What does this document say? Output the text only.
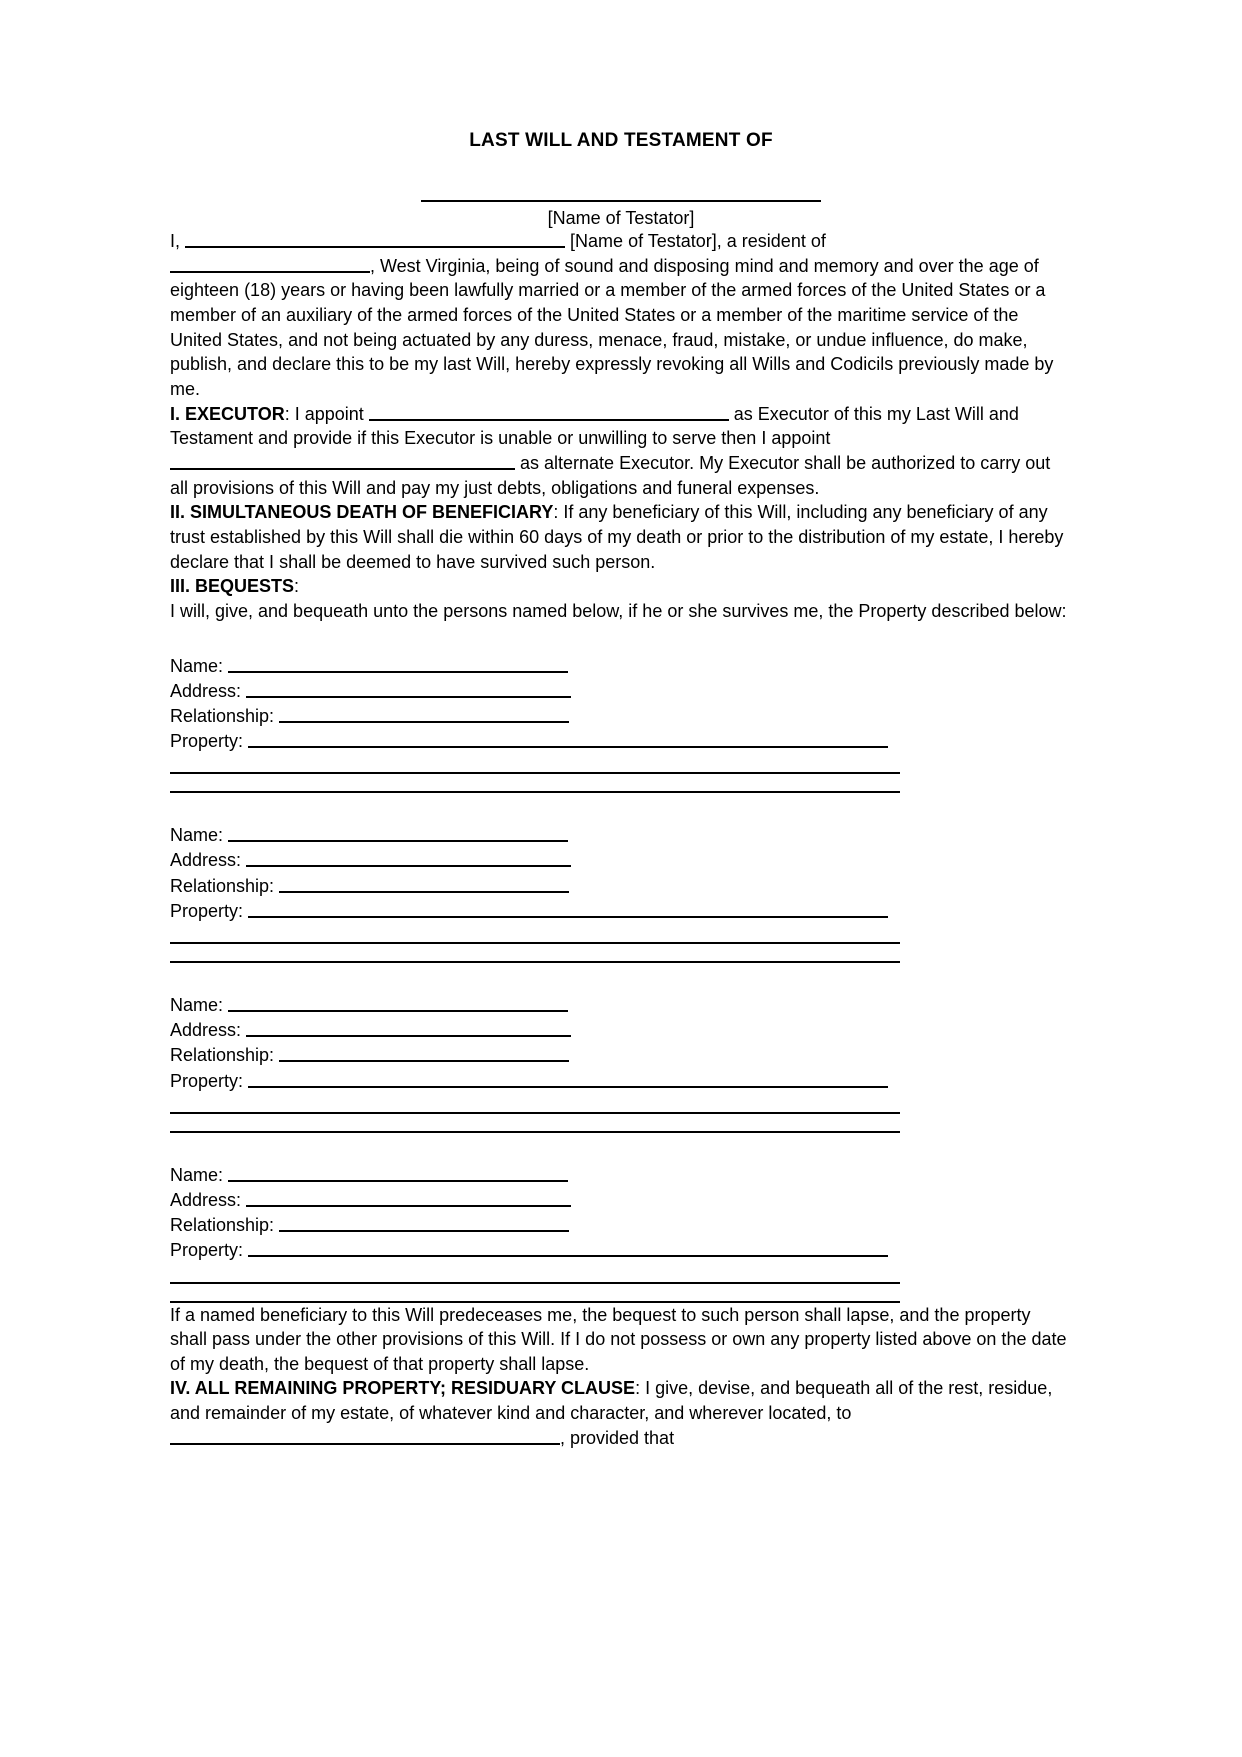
LAST WILL AND TESTAMENT OF
[Name of Testator]

I,	[Name of Testator], a resident of
, West Virginia, being of sound and disposing mind and memory and over the age of eighteen (18) years or having been lawfully married or a member of the armed forces of the United States or a member of an auxiliary of the armed forces of the United States or a member of the maritime service of the United States, and not being actuated by any duress, menace, fraud, mistake, or undue influence, do make, publish, and declare this to be my last Will, hereby expressly revoking all Wills and Codicils previously made by me.

I. EXECUTOR: I appoint	as Executor of this my Last Will and Testament and provide if this Executor is unable or unwilling to serve then I appoint
as alternate Executor. My Executor shall be authorized to carry out all provisions of this Will and pay my just debts, obligations and funeral expenses.

II. SIMULTANEOUS DEATH OF BENEFICIARY: If any beneficiary of this Will, including any beneficiary of any trust established by this Will shall die within 60 days of my death or prior to the distribution of my estate, I hereby declare that I shall be deemed to have survived such person.

III. BEQUESTS:

I will, give, and bequeath unto the persons named below, if he or she survives me, the Property described below:

Name:
Address:
Relationship:
Property:
Name:
Address:
Relationship:
Property:
Name:
Address:
Relationship:
Property:
Name:
Address:
Relationship:
Property:

If a named beneficiary to this Will predeceases me, the bequest to such person shall lapse, and the property shall pass under the other provisions of this Will. If I do not possess or own any property listed above on the date of my death, the bequest of that property shall lapse.

IV. ALL REMAINING PROPERTY; RESIDUARY CLAUSE: I give, devise, and bequeath all of the rest, residue, and remainder of my estate, of whatever kind and character, and wherever located, to
, provided that
